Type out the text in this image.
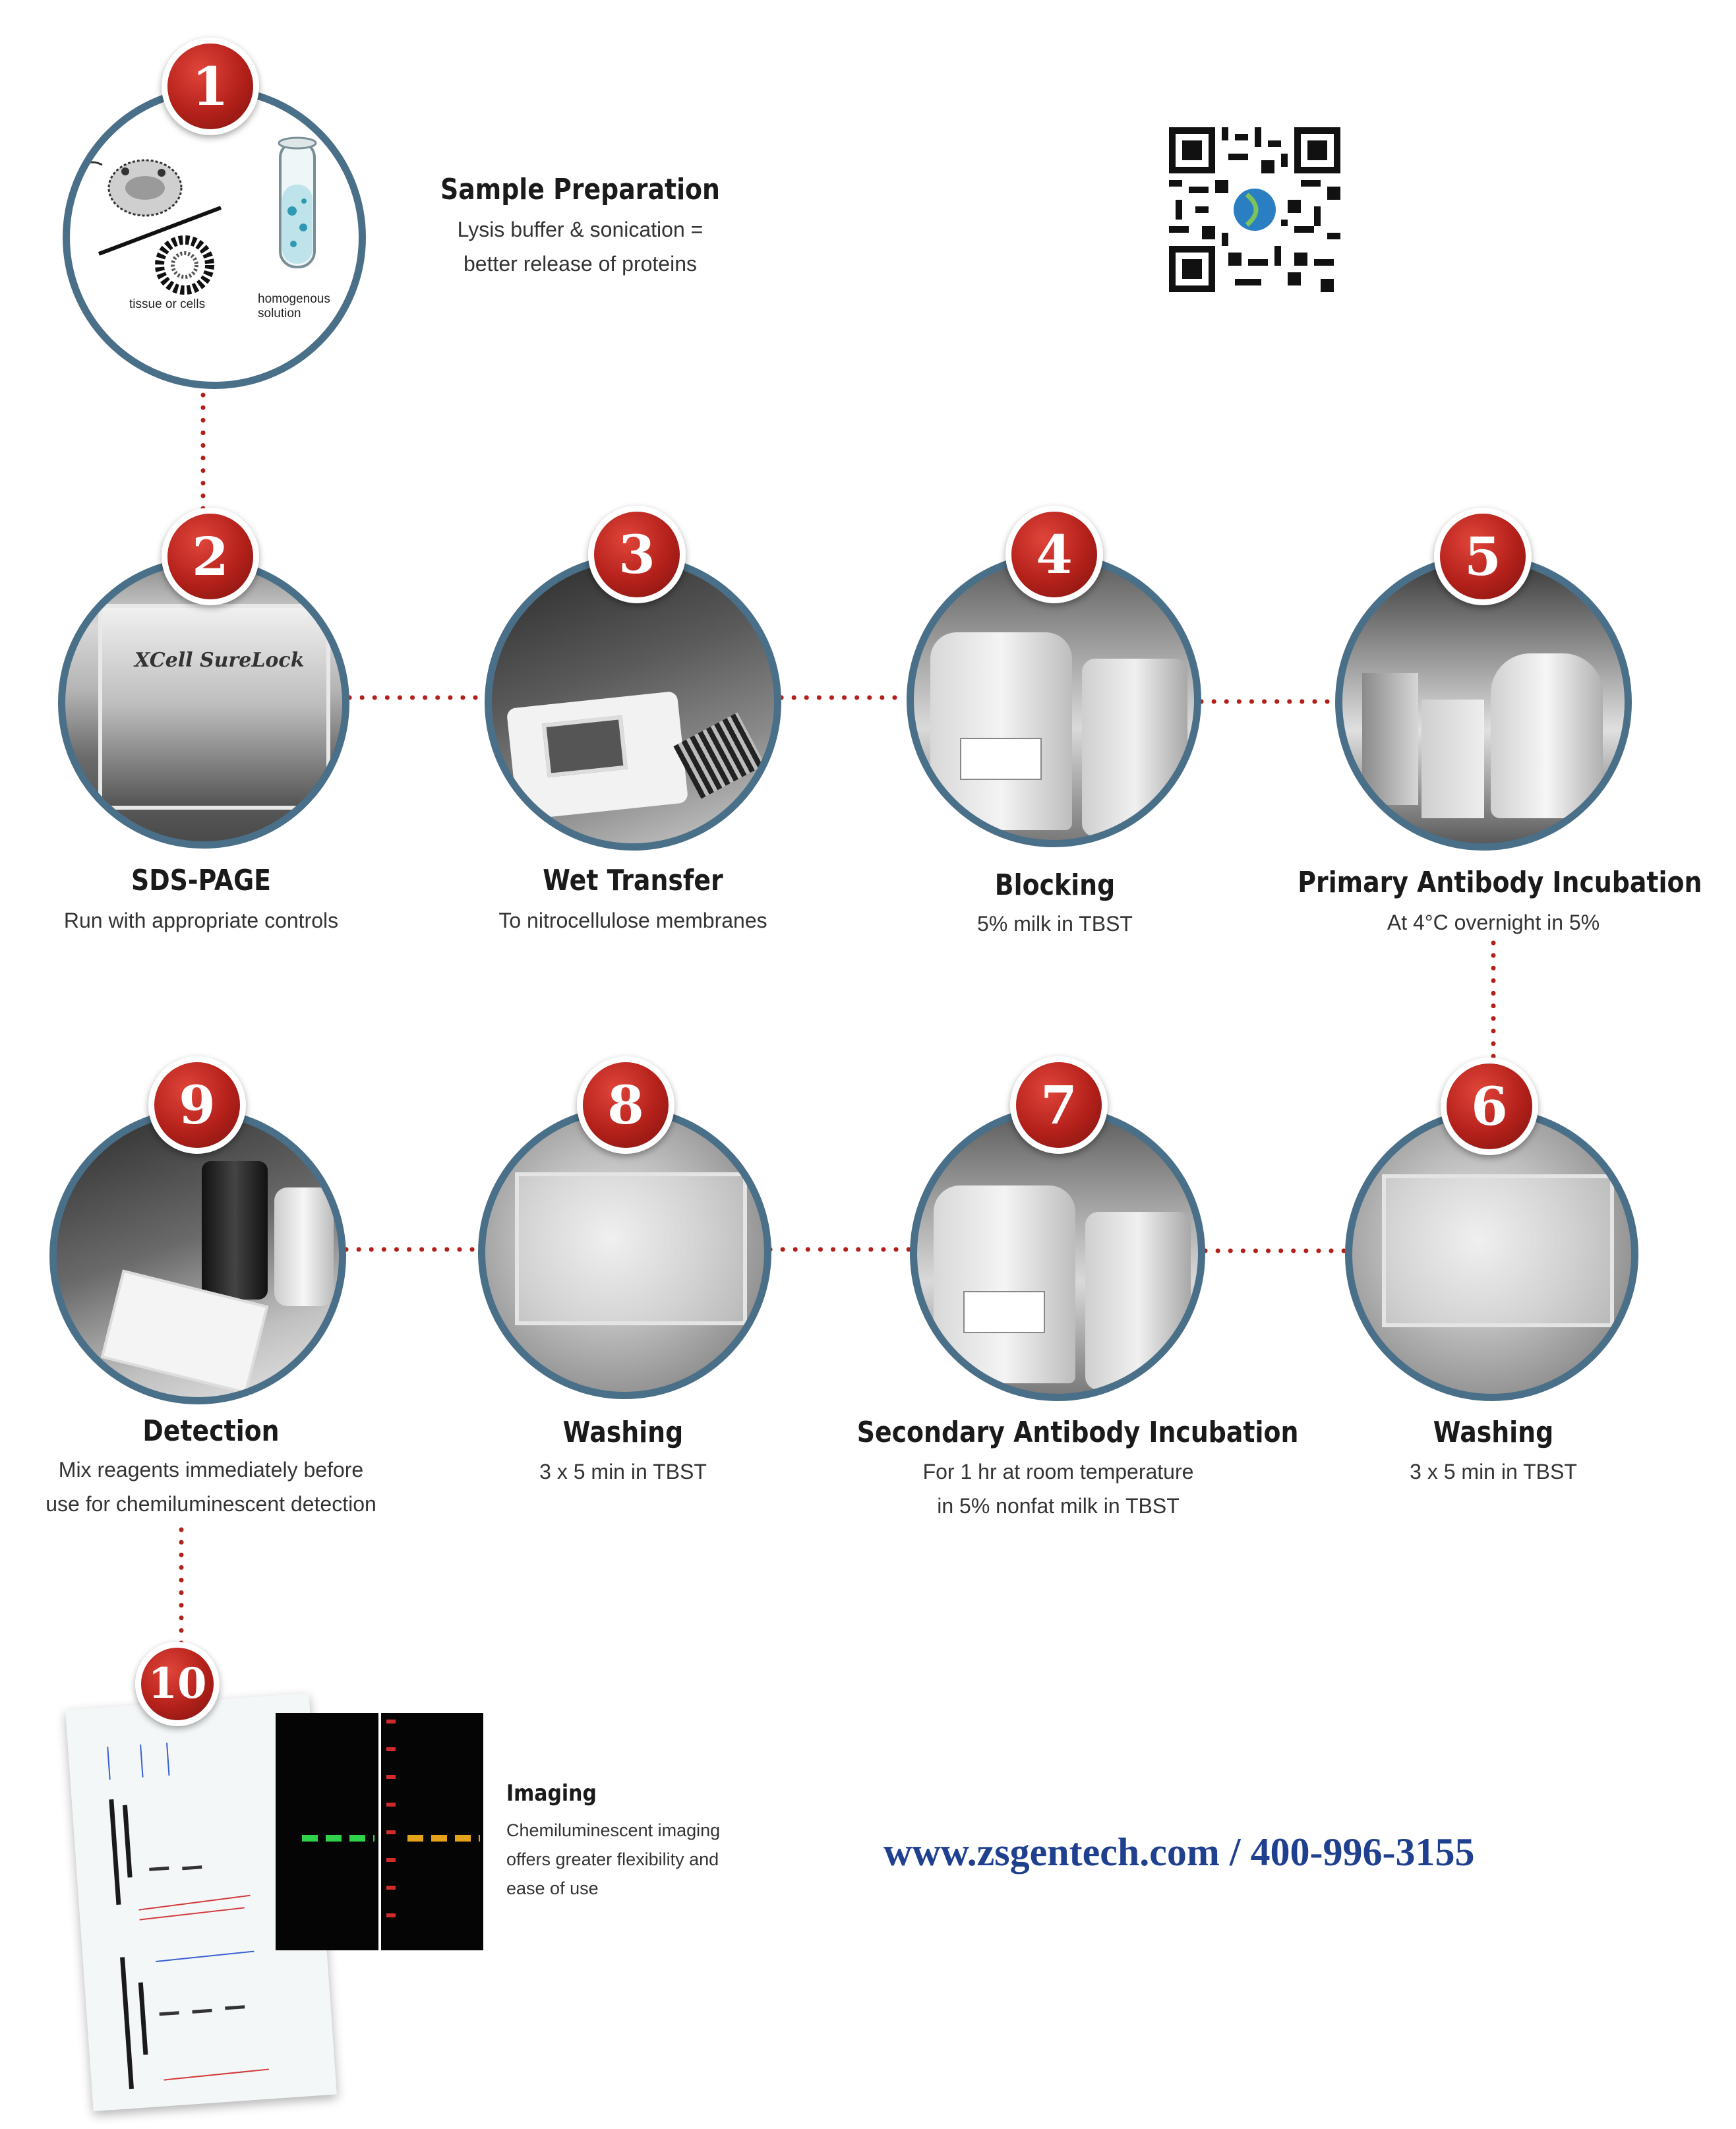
tissue or cells	homogenous
solution
1
Sample Preparation
Lysis buffer & sonication =
better release of proteins
XCell SureLock
2
SDS-PAGE
Run with appropriate controls
3
Wet Transfer
To nitrocellulose membranes
4
Blocking
5% milk in TBST
5
Primary Antibody Incubation
At 4°C overnight in 5%
6
Washing
3 x 5 min in TBST
7
Secondary Antibody Incubation
For 1 hr at room temperature
in 5% nonfat milk in TBST
8
Washing
3 x 5 min in TBST
9
Detection
Mix reagents immediately before
use for chemiluminescent detection
10
Imaging
Chemiluminescent imaging
offers greater flexibility and
ease of use
www.zsgentech.com / 400-996-3155
